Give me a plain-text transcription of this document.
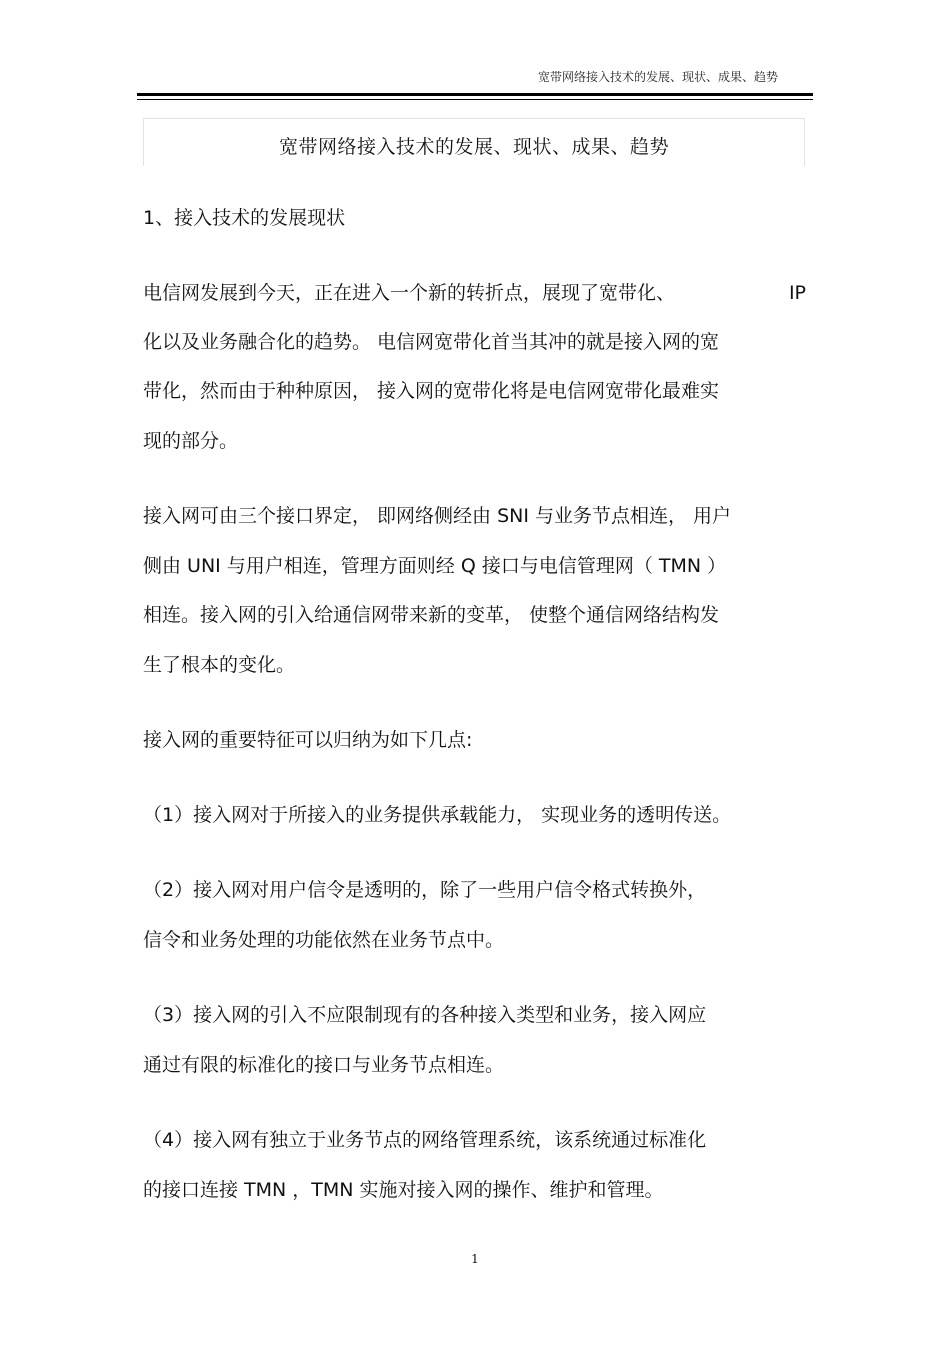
宽带网络接入技术的发展、现状、成果、趋势
宽带网络接入技术的发展、现状、成果、趋势
1、接入技术的发展现状
电信网发展到今天，正在进入一个新的转折点，展现了宽带化、	IP
化以及业务融合化的趋势。 电信网宽带化首当其冲的就是接入网的宽
带化，然而由于种种原因， 接入网的宽带化将是电信网宽带化最难实
现的部分。
接入网可由三个接口界定， 即网络侧经由 SNI 与业务节点相连， 用户
侧由 UNI 与用户相连，管理方面则经 Q 接口与电信管理网（ TMN ）
相连。接入网的引入给通信网带来新的变革， 使整个通信网络结构发
生了根本的变化。
接入网的重要特征可以归纳为如下几点:
（1）接入网对于所接入的业务提供承载能力， 实现业务的透明传送。
（2）接入网对用户信令是透明的，除了一些用户信令格式转换外，
信令和业务处理的功能依然在业务节点中。
（3）接入网的引入不应限制现有的各种接入类型和业务，接入网应
通过有限的标准化的接口与业务节点相连。
（4）接入网有独立于业务节点的网络管理系统，该系统通过标准化
的接口连接 TMN ，TMN 实施对接入网的操作、维护和管理。
1
